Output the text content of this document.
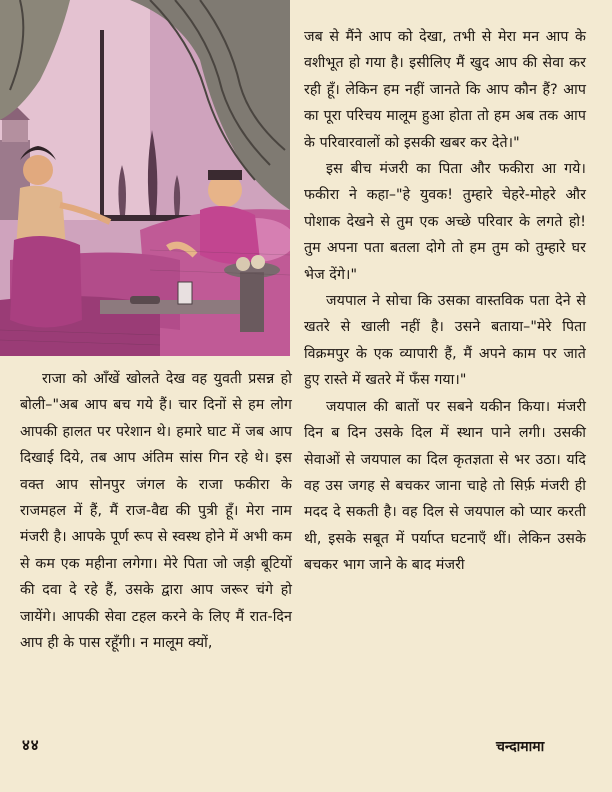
जब से मैंने आप को देखा, तभी से मेरा मन आप के वशीभूत हो गया है। इसीलिए मैं खुद आप की सेवा कर रही हूँ। लेकिन हम नहीं जानते कि आप कौन हैं? आप का पूरा परिचय मालूम हुआ होता तो हम अब तक आप के परिवारवालों को इसकी खबर कर देते।"

इस बीच मंजरी का पिता और फकीरा आ गये। फकीरा ने कहा–"हे युवक! तुम्हारे चेहरे-मोहरे और पोशाक देखने से तुम एक अच्छे परिवार के लगते हो! तुम अपना पता बतला दोगे तो हम तुम को तुम्हारे घर भेज देंगे।"

जयपाल ने सोचा कि उसका वास्तविक पता देने से खतरे से खाली नहीं है। उसने बताया–"मेरे पिता विक्रमपुर के एक व्यापारी हैं, मैं अपने काम पर जाते हुए रास्ते में खतरे में फँस गया।"

जयपाल की बातों पर सबने यकीन किया। मंजरी दिन ब दिन उसके दिल में स्थान पाने लगी। उसकी सेवाओं से जयपाल का दिल कृतज्ञता से भर उठा। यदि वह उस जगह से बचकर जाना चाहे तो सिर्फ़ मंजरी ही मदद दे सकती है। वह दिल से जयपाल को प्यार करती थी, इसके सबूत में पर्याप्त घटनाएँ थीं। लेकिन उसके बचकर भाग जाने के बाद मंजरी

राजा को आँखें खोलते देख वह युवती प्रसन्न हो बोली–"अब आप बच गये हैं। चार दिनों से हम लोग आपकी हालत पर परेशान थे। हमारे घाट में जब आप दिखाई दिये, तब आप अंतिम सांस गिन रहे थे। इस वक्त आप सोनपुर जंगल के राजा फकीरा के राजमहल में हैं, मैं राज-वैद्य की पुत्री हूँ। मेरा नाम मंजरी है। आपके पूर्ण रूप से स्वस्थ होने में अभी कम से कम एक महीना लगेगा। मेरे पिता जो जड़ी बूटियों की दवा दे रहे हैं, उसके द्वारा आप जरूर चंगे हो जायेंगे। आपकी सेवा टहल करने के लिए मैं रात-दिन आप ही के पास रहूँगी। न मालूम क्यों,

४४	चन्दामामा
